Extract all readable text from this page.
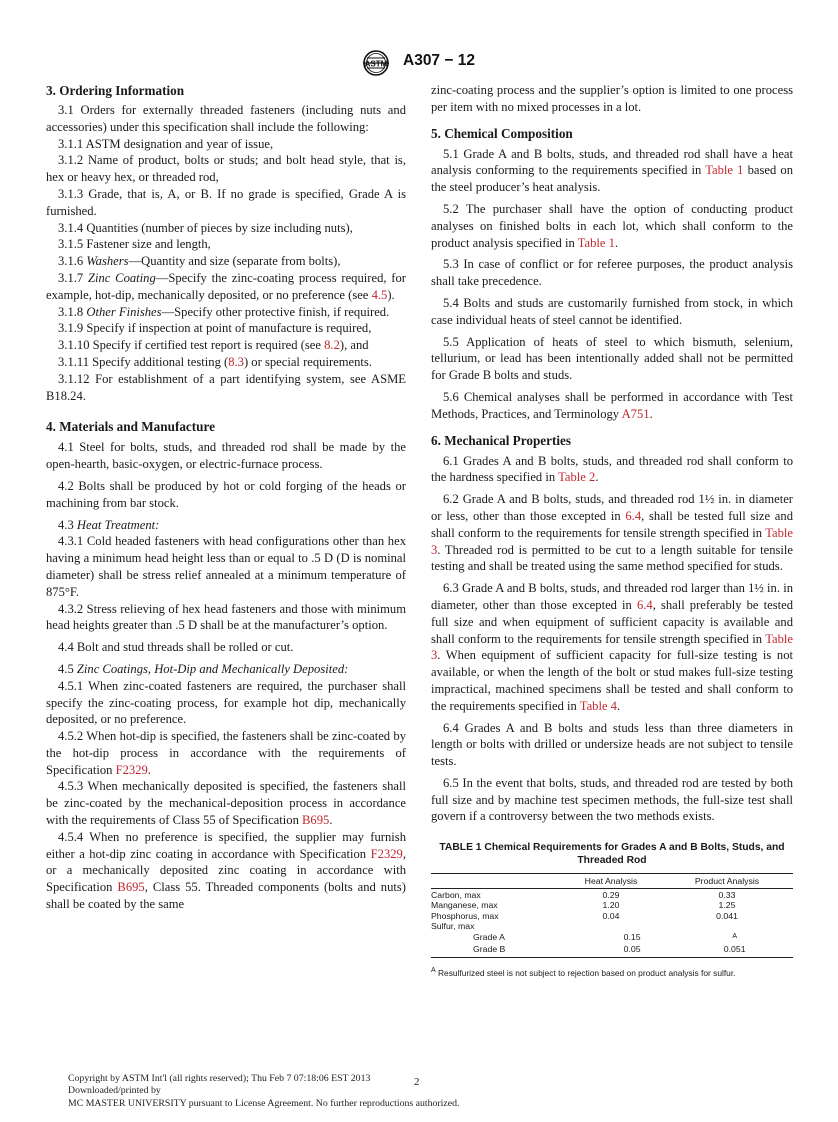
ASTM A307 − 12
3. Ordering Information

3.1 Orders for externally threaded fasteners (including nuts and accessories) under this specification shall include the following:

3.1.1 ASTM designation and year of issue,

3.1.2 Name of product, bolts or studs; and bolt head style, that is, hex or heavy hex, or threaded rod,

3.1.3 Grade, that is, A, or B. If no grade is specified, Grade A is furnished.

3.1.4 Quantities (number of pieces by size including nuts),

3.1.5 Fastener size and length,

3.1.6 Washers—Quantity and size (separate from bolts),

3.1.7 Zinc Coating—Specify the zinc-coating process required, for example, hot-dip, mechanically deposited, or no preference (see 4.5).

3.1.8 Other Finishes—Specify other protective finish, if required.

3.1.9 Specify if inspection at point of manufacture is required,

3.1.10 Specify if certified test report is required (see 8.2), and

3.1.11 Specify additional testing (8.3) or special requirements.

3.1.12 For establishment of a part identifying system, see ASME B18.24.

4. Materials and Manufacture

4.1 Steel for bolts, studs, and threaded rod shall be made by the open-hearth, basic-oxygen, or electric-furnace process.

4.2 Bolts shall be produced by hot or cold forging of the heads or machining from bar stock.

4.3 Heat Treatment:

4.3.1 Cold headed fasteners with head configurations other than hex having a minimum head height less than or equal to .5 D (D is nominal diameter) shall be stress relief annealed at a minimum temperature of 875°F.

4.3.2 Stress relieving of hex head fasteners and those with minimum head heights greater than .5 D shall be at the manufacturer’s option.

4.4 Bolt and stud threads shall be rolled or cut.

4.5 Zinc Coatings, Hot-Dip and Mechanically Deposited:

4.5.1 When zinc-coated fasteners are required, the purchaser shall specify the zinc-coating process, for example hot dip, mechanically deposited, or no preference.

4.5.2 When hot-dip is specified, the fasteners shall be zinc-coated by the hot-dip process in accordance with the requirements of Specification F2329.

4.5.3 When mechanically deposited is specified, the fasteners shall be zinc-coated by the mechanical-deposition process in accordance with the requirements of Class 55 of Specification B695.

4.5.4 When no preference is specified, the supplier may furnish either a hot-dip zinc coating in accordance with Specification F2329, or a mechanically deposited zinc coating in accordance with Specification B695, Class 55. Threaded components (bolts and nuts) shall be coated by the same

zinc-coating process and the supplier’s option is limited to one process per item with no mixed processes in a lot.

5. Chemical Composition

5.1 Grade A and B bolts, studs, and threaded rod shall have a heat analysis conforming to the requirements specified in Table 1 based on the steel producer’s heat analysis.

5.2 The purchaser shall have the option of conducting product analyses on finished bolts in each lot, which shall conform to the product analysis specified in Table 1.

5.3 In case of conflict or for referee purposes, the product analysis shall take precedence.

5.4 Bolts and studs are customarily furnished from stock, in which case individual heats of steel cannot be identified.

5.5 Application of heats of steel to which bismuth, selenium, tellurium, or lead has been intentionally added shall not be permitted for Grade B bolts and studs.

5.6 Chemical analyses shall be performed in accordance with Test Methods, Practices, and Terminology A751.

6. Mechanical Properties

6.1 Grades A and B bolts, studs, and threaded rod shall conform to the hardness specified in Table 2.

6.2 Grade A and B bolts, studs, and threaded rod 1½ in. in diameter or less, other than those excepted in 6.4, shall be tested full size and shall conform to the requirements for tensile strength specified in Table 3. Threaded rod is permitted to be cut to a length suitable for tensile testing and shall be treated using the same method specified for studs.

6.3 Grade A and B bolts, studs, and threaded rod larger than 1½ in. in diameter, other than those excepted in 6.4, shall preferably be tested full size and when equipment of sufficient capacity is available and shall conform to the requirements for tensile strength specified in Table 3. When equipment of sufficient capacity for full-size testing is not available, or when the length of the bolt or stud makes full-size testing impractical, machined specimens shall be tested and shall conform to the requirements specified in Table 4.

6.4 Grades A and B bolts and studs less than three diameters in length or bolts with drilled or undersize heads are not subject to tensile tests.

6.5 In the event that bolts, studs, and threaded rod are tested by both full size and by machine test specimen methods, the full-size test shall govern if a controversy between the two methods exists.

TABLE 1 Chemical Requirements for Grades A and B Bolts, Studs, and Threaded Rod
Heat Analysis	Product Analysis
Carbon, max	0.29	0.33
Manganese, max	1.20	1.25
Phosphorus, max	0.04	0.041
Sulfur, max
Grade A	0.15	$^A$
Grade B	0.05	0.051
$^A$ Resulfurized steel is not subject to rejection based on product analysis for sulfur.
Copyright by ASTM Int'l (all rights reserved); Thu Feb 7 07:18:06 EST 2013
Downloaded/printed by
MC MASTER UNIVERSITY pursuant to License Agreement. No further reproductions authorized.
2
